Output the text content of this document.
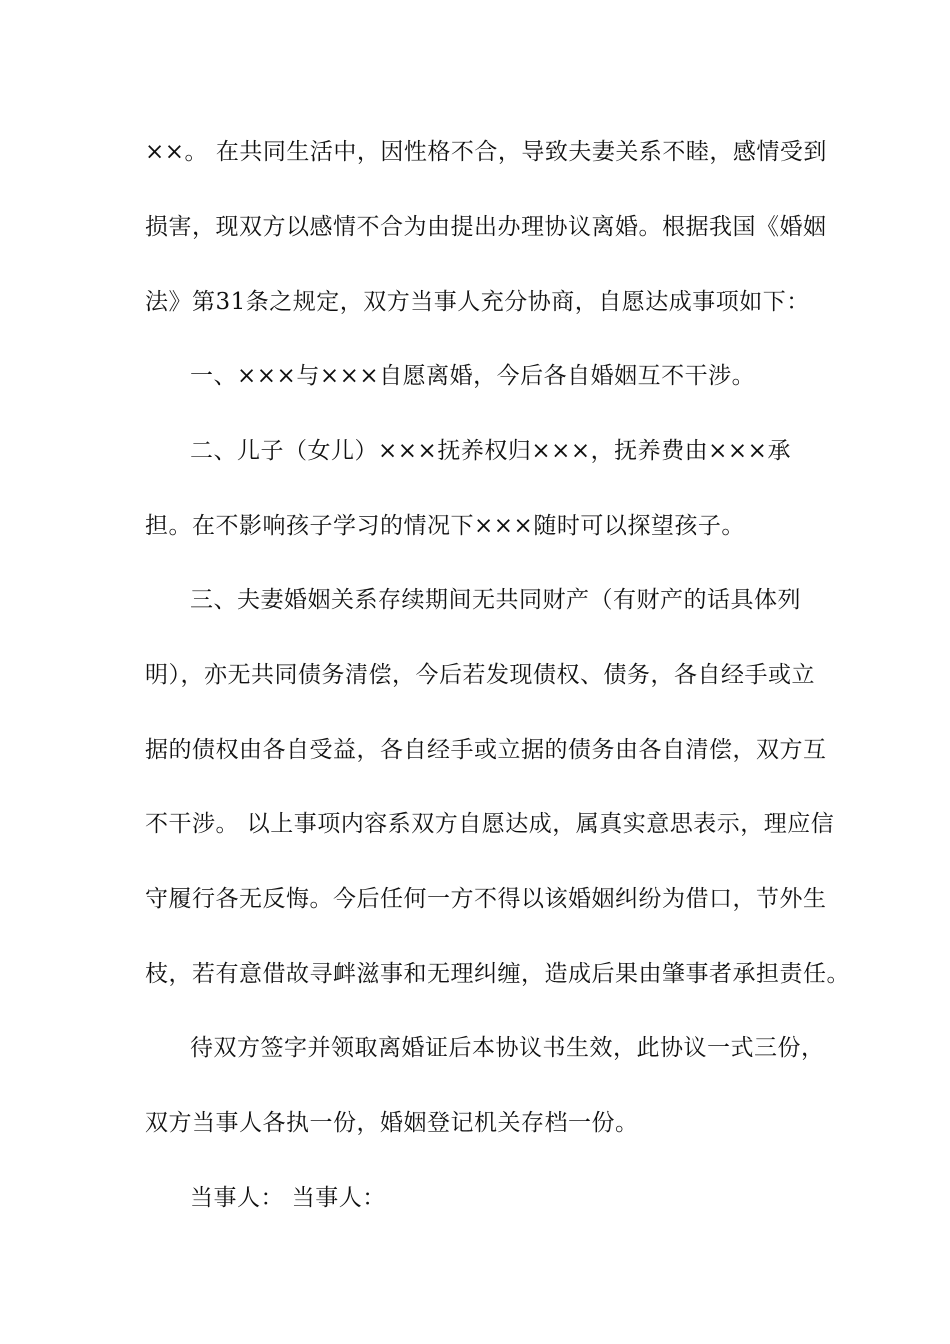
××。 在共同生活中，因性格不合，导致夫妻关系不睦，感情受到
损害，现双方以感情不合为由提出办理协议离婚。根据我国《婚姻
法》第31条之规定，双方当事人充分协商，自愿达成事项如下：
一、×××与×××自愿离婚，今后各自婚姻互不干涉。
二、儿子（女儿）×××抚养权归×××，抚养费由×××承
担。在不影响孩子学习的情况下×××随时可以探望孩子。
三、夫妻婚姻关系存续期间无共同财产（有财产的话具体列
明），亦无共同债务清偿，今后若发现债权、债务，各自经手或立
据的债权由各自受益，各自经手或立据的债务由各自清偿，双方互
不干涉。 以上事项内容系双方自愿达成，属真实意思表示，理应信
守履行各无反悔。今后任何一方不得以该婚姻纠纷为借口，节外生
枝，若有意借故寻衅滋事和无理纠缠，造成后果由肇事者承担责任。
待双方签字并领取离婚证后本协议书生效，此协议一式三份，
双方当事人各执一份，婚姻登记机关存档一份。
当事人： 当事人：
